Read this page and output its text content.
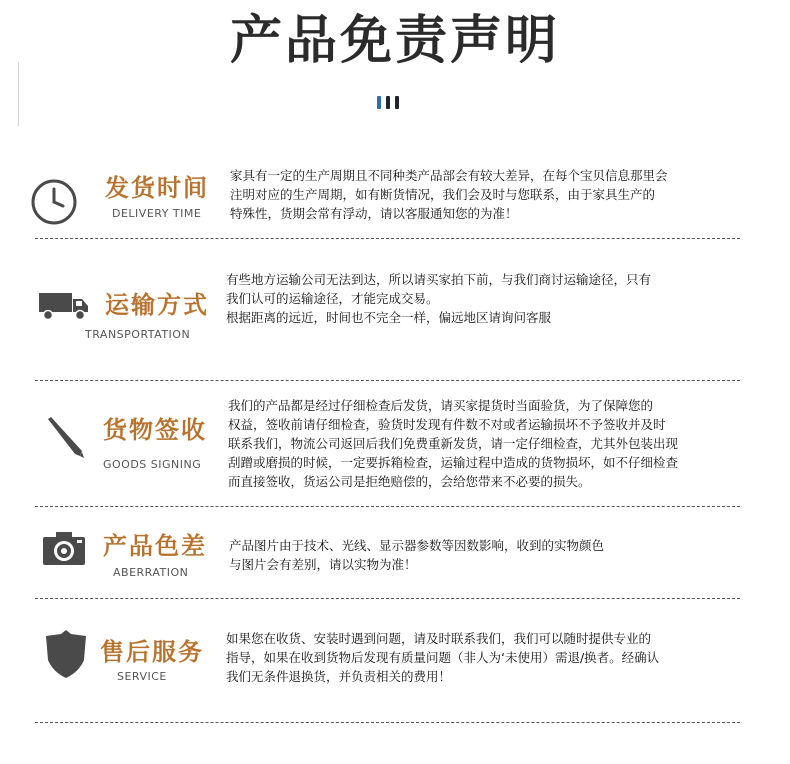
产品免责声明
发货时间
DELIVERY TIME
家具有一定的生产周期且不同种类产品部会有较大差异，在每个宝贝信息那里会
注明对应的生产周期，如有断货情况，我们会及时与您联系，由于家具生产的
特殊性，货期会常有浮动，请以客服通知您的为准！
运输方式
TRANSPORTATION
有些地方运输公司无法到达，所以请买家拍下前，与我们商讨运输途径，只有
我们认可的运输途径，才能完成交易。
根据距离的远近，时间也不完全一样，偏远地区请询问客服
货物签收
GOODS SIGNING
我们的产品都是经过仔细检查后发货，请买家提货时当面验货，为了保障您的
权益，签收前请仔细检查，验货时发现有件数不对或者运输损坏不予签收并及时
联系我们，物流公司返回后我们免费重新发货，请一定仔细检查，尤其外包装出现
刮蹭或磨损的时候，一定要拆箱检查，运输过程中造成的货物损坏，如不仔细检查
而直接签收，货运公司是拒绝赔偿的，会给您带来不必要的损失。
产品色差
ABERRATION
产品图片由于技术、光线、显示器参数等因数影响，收到的实物颜色
与图片会有差别，请以实物为准！
售后服务
SERVICE
如果您在收货、安装时遇到问题，请及时联系我们，我们可以随时提供专业的
指导，如果在收到货物后发现有质量问题（非人为‘未使用）需退/换者。经确认
我们无条件退换货，并负责相关的费用！
